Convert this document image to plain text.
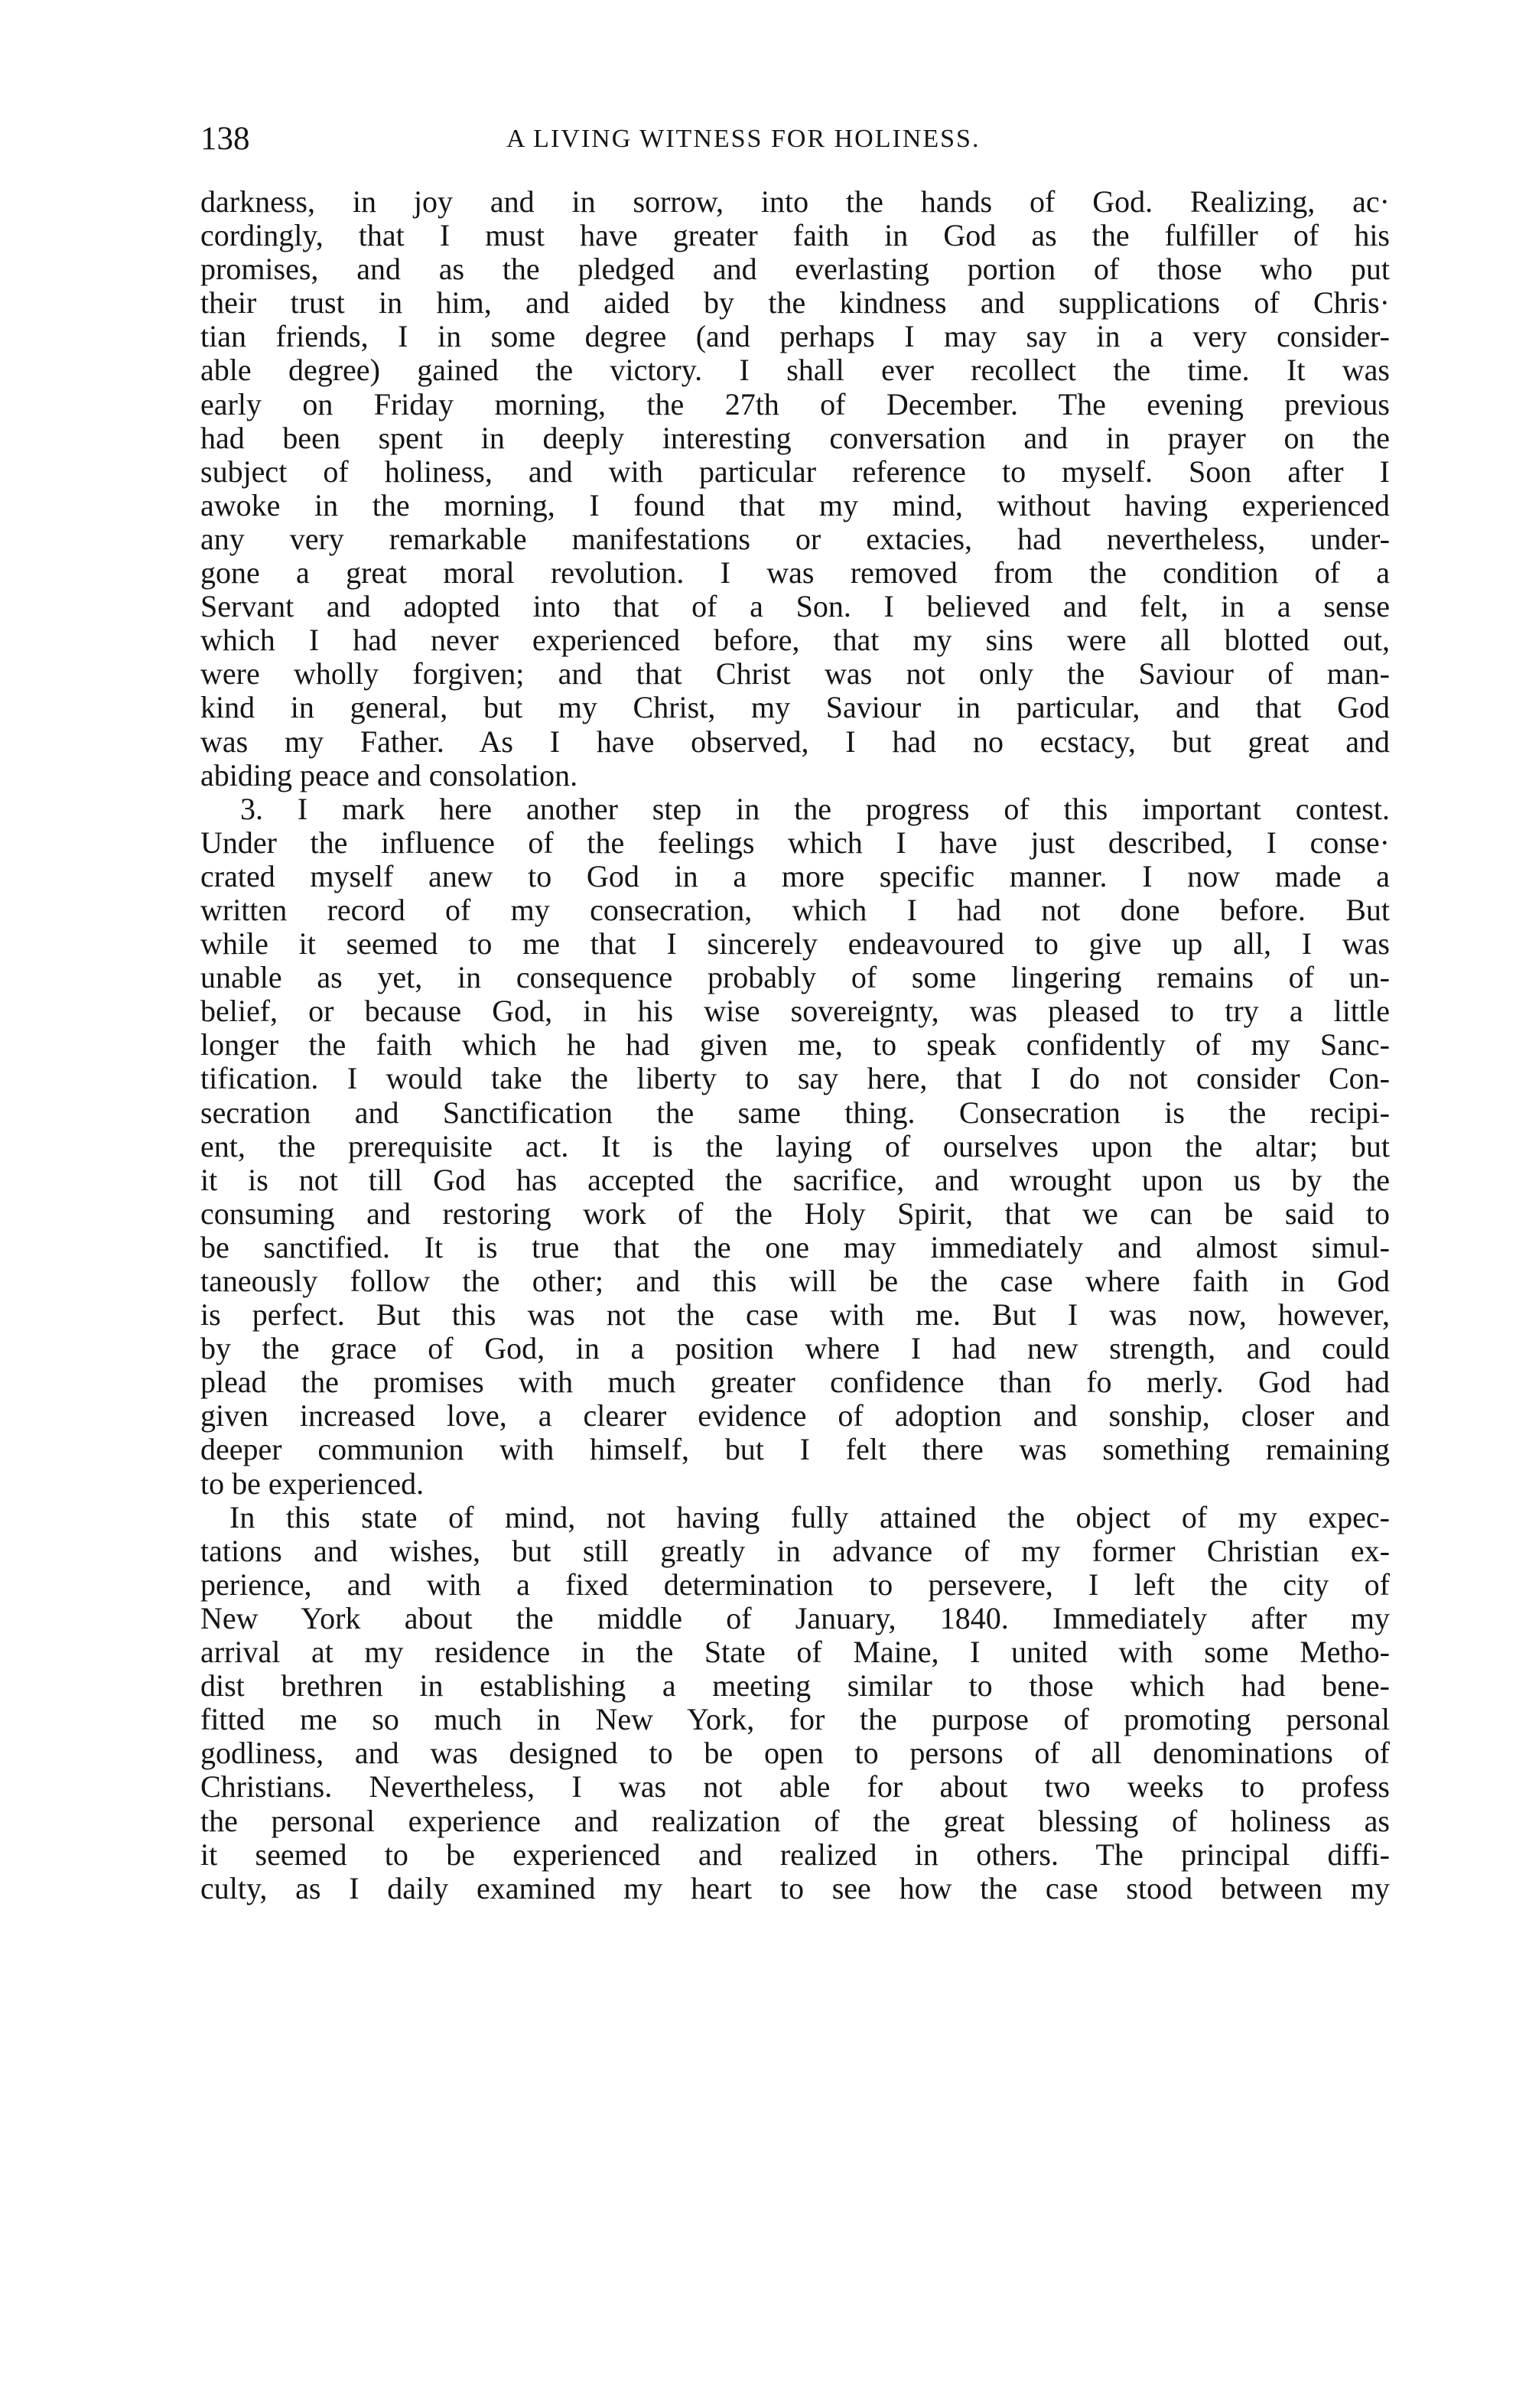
138	A LIVING WITNESS FOR HOLINESS.
darkness, in joy and in sorrow, into the hands of God. Realizing, ac·
cordingly, that I must have greater faith in God as the fulfiller of his
promises, and as the pledged and everlasting portion of those who put
their trust in him, and aided by the kindness and supplications of Chris·
tian friends, I in some degree (and perhaps I may say in a very consider-
able degree) gained the victory. I shall ever recollect the time. It was
early on Friday morning, the 27th of December. The evening previous
had been spent in deeply interesting conversation and in prayer on the
subject of holiness, and with particular reference to myself. Soon after I
awoke in the morning, I found that my mind, without having experienced
any very remarkable manifestations or extacies, had nevertheless, under-
gone a great moral revolution. I was removed from the condition of a
Servant and adopted into that of a Son. I believed and felt, in a sense
which I had never experienced before, that my sins were all blotted out,
were wholly forgiven; and that Christ was not only the Saviour of man-
kind in general, but my Christ, my Saviour in particular, and that God
was my Father. As I have observed, I had no ecstacy, but great and
abiding peace and consolation.
3. I mark here another step in the progress of this important contest.
Under the influence of the feelings which I have just described, I conse·
crated myself anew to God in a more specific manner. I now made a
written record of my consecration, which I had not done before. But
while it seemed to me that I sincerely endeavoured to give up all, I was
unable as yet, in consequence probably of some lingering remains of un-
belief, or because God, in his wise sovereignty, was pleased to try a little
longer the faith which he had given me, to speak confidently of my Sanc-
tification. I would take the liberty to say here, that I do not consider Con-
secration and Sanctification the same thing. Consecration is the recipi-
ent, the prerequisite act. It is the laying of ourselves upon the altar; but
it is not till God has accepted the sacrifice, and wrought upon us by the
consuming and restoring work of the Holy Spirit, that we can be said to
be sanctified. It is true that the one may immediately and almost simul-
taneously follow the other; and this will be the case where faith in God
is perfect. But this was not the case with me. But I was now, however,
by the grace of God, in a position where I had new strength, and could
plead the promises with much greater confidence than fo merly. God had
given increased love, a clearer evidence of adoption and sonship, closer and
deeper communion with himself, but I felt there was something remaining
to be experienced.
In this state of mind, not having fully attained the object of my expec-
tations and wishes, but still greatly in advance of my former Christian ex-
perience, and with a fixed determination to persevere, I left the city of
New York about the middle of January, 1840. Immediately after my
arrival at my residence in the State of Maine, I united with some Metho-
dist brethren in establishing a meeting similar to those which had bene-
fitted me so much in New York, for the purpose of promoting personal
godliness, and was designed to be open to persons of all denominations of
Christians. Nevertheless, I was not able for about two weeks to profess
the personal experience and realization of the great blessing of holiness as
it seemed to be experienced and realized in others. The principal diffi-
culty, as I daily examined my heart to see how the case stood between my
